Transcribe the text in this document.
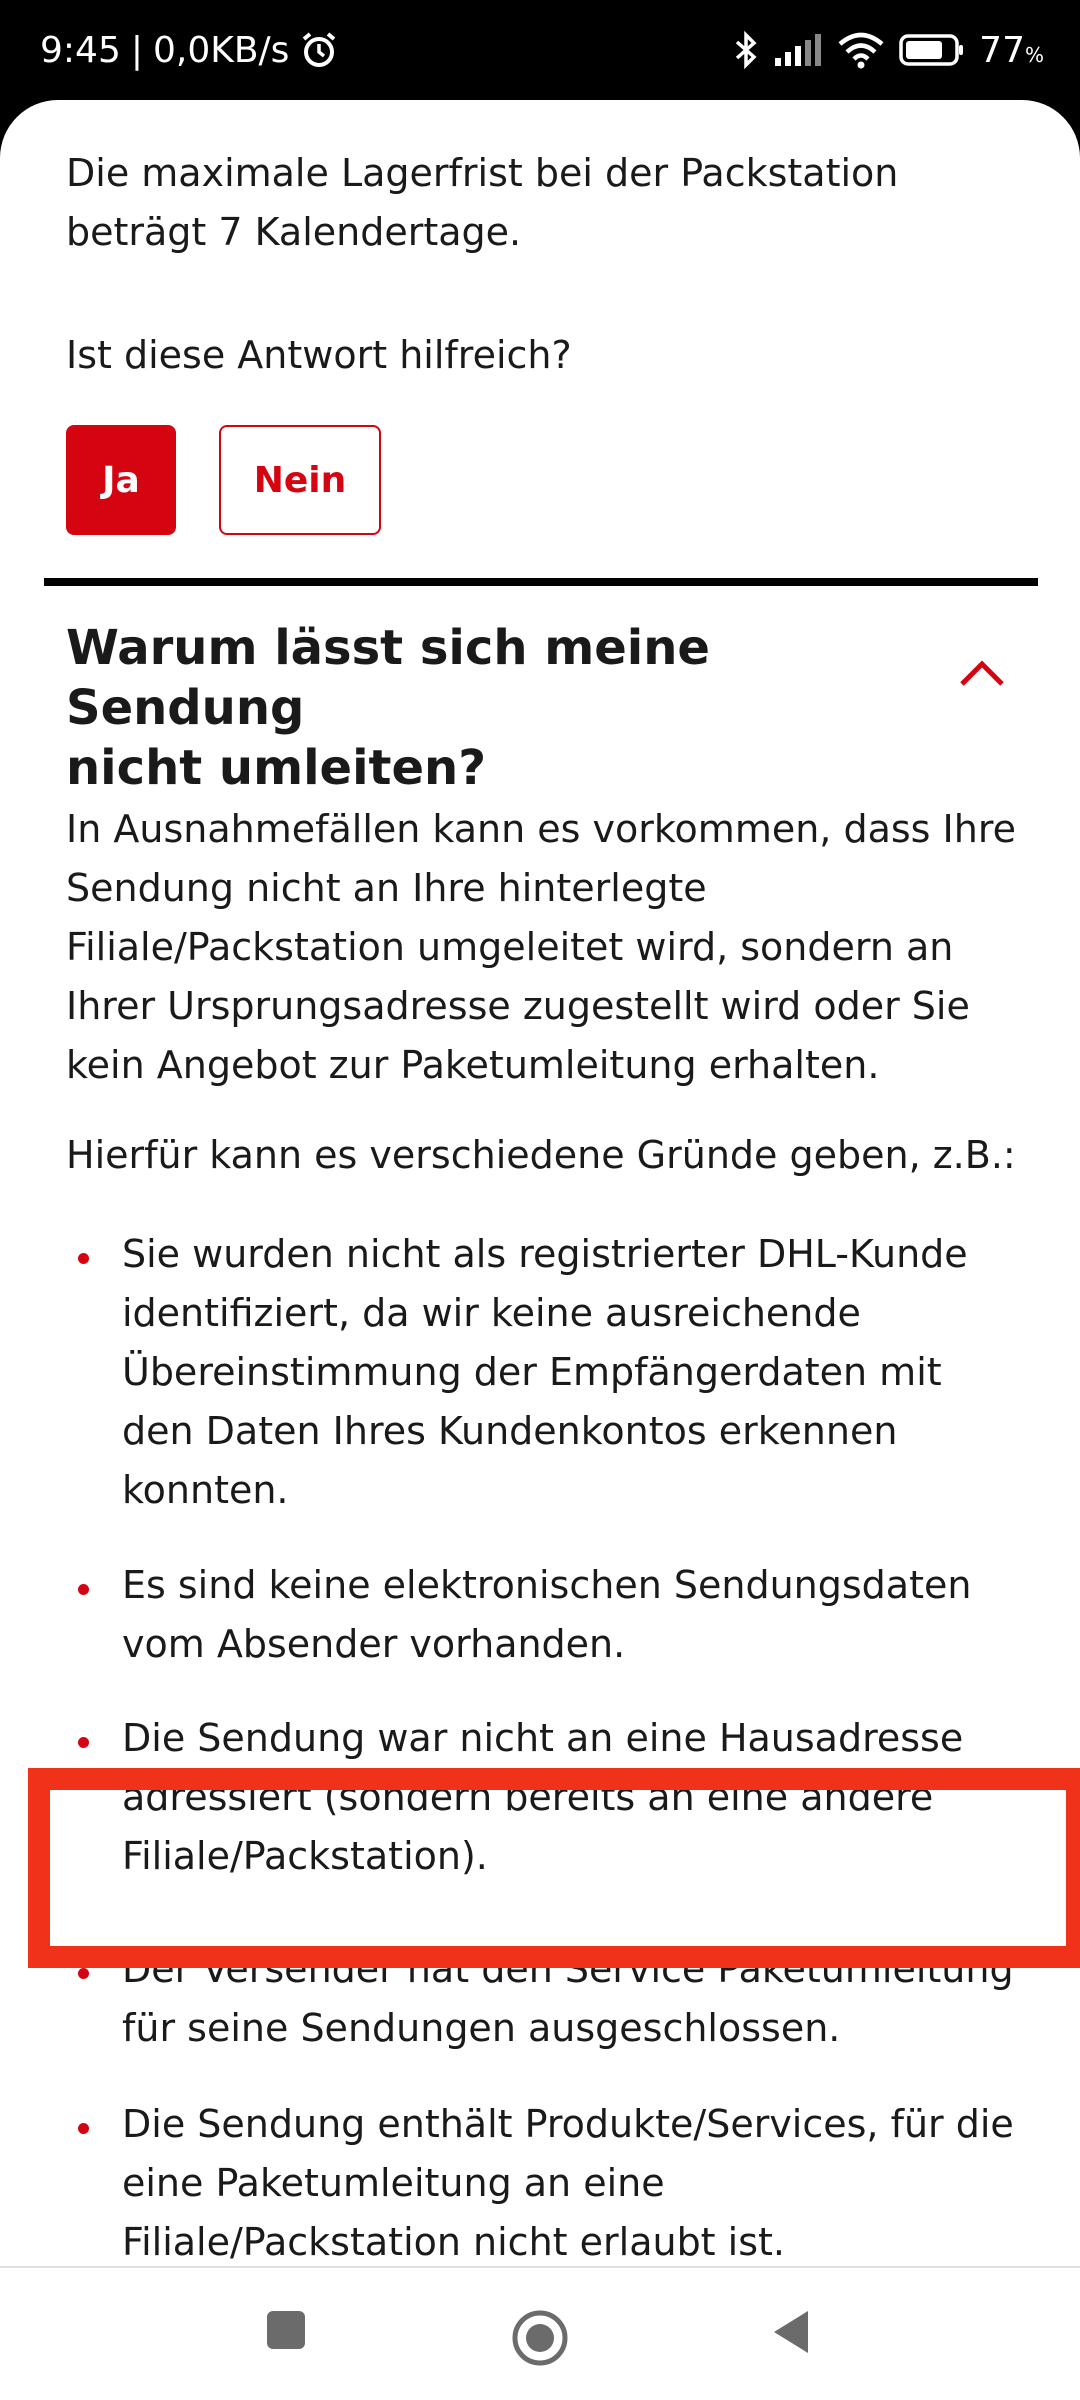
9:45 | 0,0KB/s	77%
Die maximale Lagerfrist bei der Packstation
beträgt 7 Kalendertage.
Ist diese Antwort hilfreich?
Ja	Nein
Warum lässt sich meine Sendung
nicht umleiten?
In Ausnahmefällen kann es vorkommen, dass Ihre
Sendung nicht an Ihre hinterlegte
Filiale/Packstation umgeleitet wird, sondern an
Ihrer Ursprungsadresse zugestellt wird oder Sie
kein Angebot zur Paketumleitung erhalten.
Hierfür kann es verschiedene Gründe geben, z.B.:
Sie wurden nicht als registrierter DHL-Kunde
identifiziert, da wir keine ausreichende
Übereinstimmung der Empfängerdaten mit
den Daten Ihres Kundenkontos erkennen
konnten.
Es sind keine elektronischen Sendungsdaten
vom Absender vorhanden.
Die Sendung war nicht an eine Hausadresse
adressiert (sondern bereits an eine andere
Filiale/Packstation).
Der Versender hat den Service Paketumleitung
für seine Sendungen ausgeschlossen.
Die Sendung enthält Produkte/Services, für die
eine Paketumleitung an eine
Filiale/Packstation nicht erlaubt ist.
